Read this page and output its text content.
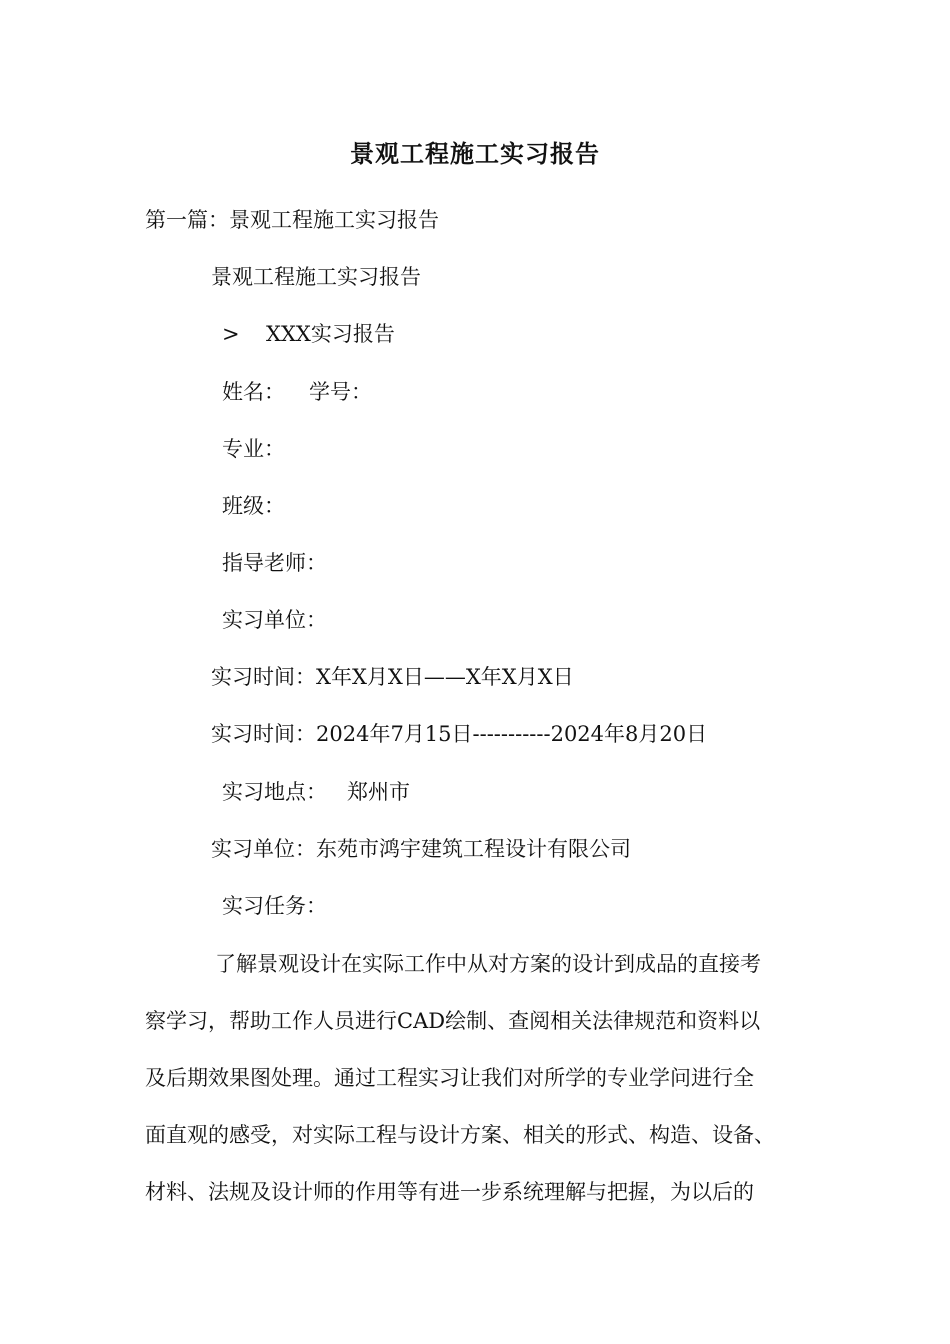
景观工程施工实习报告
第一篇：景观工程施工实习报告
景观工程施工实习报告
> XXX实习报告
姓名： 学号：
专业：
班级：
指导老师：
实习单位：
实习时间：X年X月X日——X年X月X日
实习时间：2024年7月15日-----------2024年8月20日
实习地点： 郑州市
实习单位：东苑市鸿宇建筑工程设计有限公司
实习任务：
了解景观设计在实际工作中从对方案的设计到成品的直接考
察学习，帮助工作人员进行CAD绘制、查阅相关法律规范和资料以
及后期效果图处理。通过工程实习让我们对所学的专业学问进行全
面直观的感受，对实际工程与设计方案、相关的形式、构造、设备、
材料、法规及设计师的作用等有进一步系统理解与把握，为以后的
